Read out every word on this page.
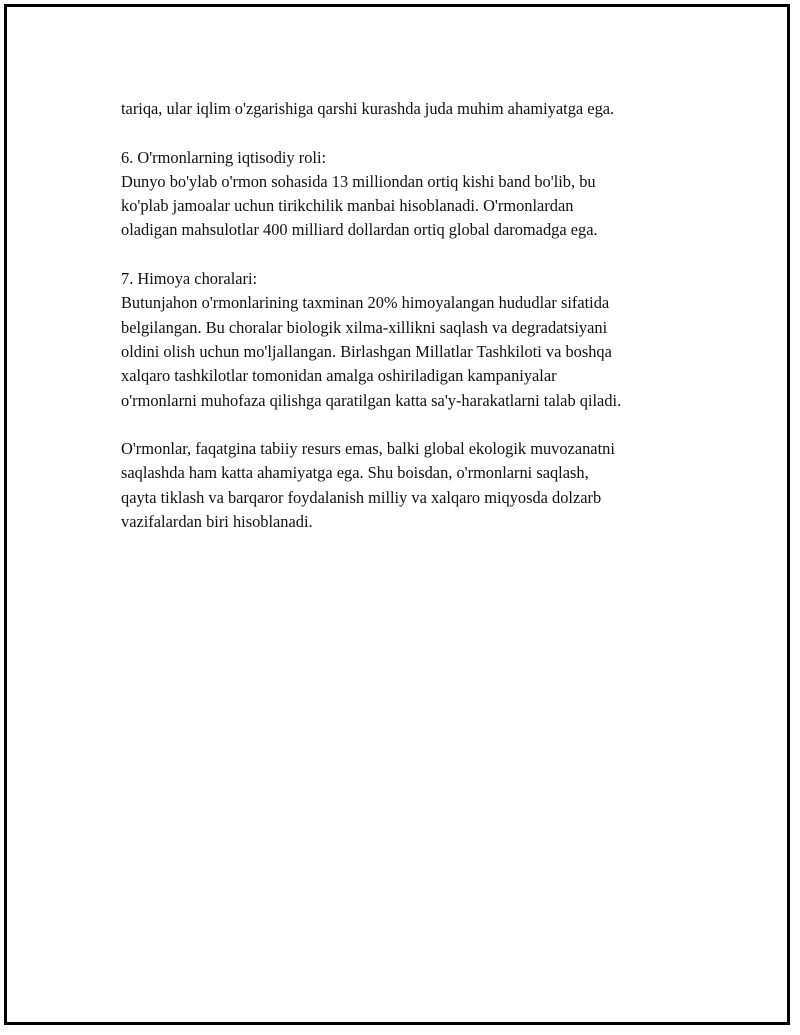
tariqa, ular iqlim o'zgarishiga qarshi kurashda juda muhim ahamiyatga ega.
6. O'rmonlarning iqtisodiy roli:
Dunyo bo'ylab o'rmon sohasida 13 milliondan ortiq kishi band bo'lib, bu
ko'plab jamoalar uchun tirikchilik manbai hisoblanadi. O'rmonlardan
oladigan mahsulotlar 400 milliard dollardan ortiq global daromadga ega.
7. Himoya choralari:
Butunjahon o'rmonlarining taxminan 20% himoyalangan hududlar sifatida
belgilangan. Bu choralar biologik xilma-xillikni saqlash va degradatsiyani
oldini olish uchun mo'ljallangan. Birlashgan Millatlar Tashkiloti va boshqa
xalqaro tashkilotlar tomonidan amalga oshiriladigan kampaniyalar
o'rmonlarni muhofaza qilishga qaratilgan katta sa'y-harakatlarni talab qiladi.
O'rmonlar, faqatgina tabiiy resurs emas, balki global ekologik muvozanatni
saqlashda ham katta ahamiyatga ega. Shu boisdan, o'rmonlarni saqlash,
qayta tiklash va barqaror foydalanish milliy va xalqaro miqyosda dolzarb
vazifalardan biri hisoblanadi.
